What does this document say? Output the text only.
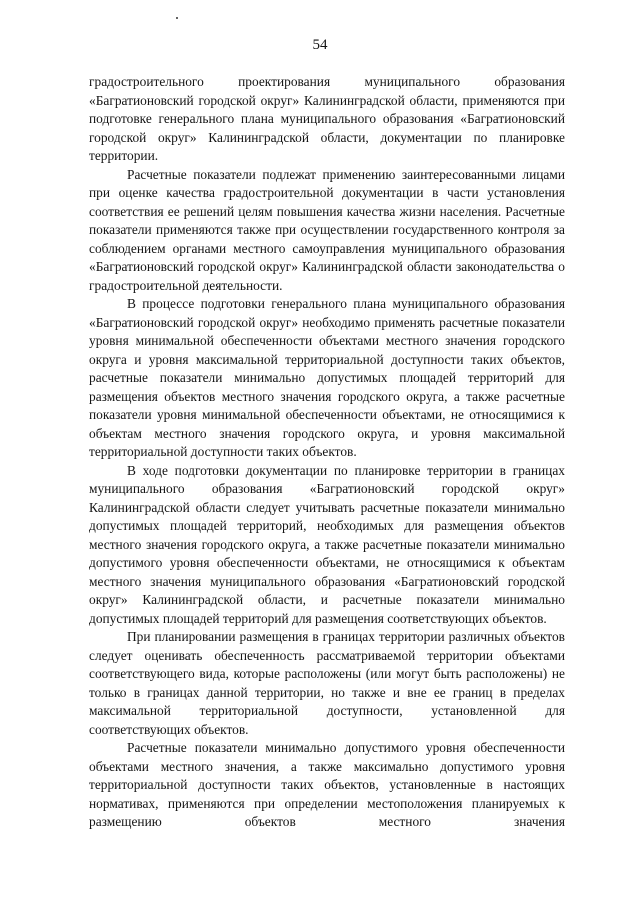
54

градостроительного проектирования муниципального образования «Багратионовский городской округ» Калининградской области, применяются при подготовке генерального плана муниципального образования «Багратионовский городской округ» Калининградской области, документации по планировке территории.

Расчетные показатели подлежат применению заинтересованными лицами при оценке качества градостроительной документации в части установления соответствия ее решений целям повышения качества жизни населения. Расчетные показатели применяются также при осуществлении государственного контроля за соблюдением органами местного самоуправления муниципального образования «Багратионовский городской округ» Калининградской области законодательства о градостроительной деятельности.

В процессе подготовки генерального плана муниципального образования «Багратионовский городской округ» необходимо применять расчетные показатели уровня минимальной обеспеченности объектами местного значения городского округа и уровня максимальной территориальной доступности таких объектов, расчетные показатели минимально допустимых площадей территорий для размещения объектов местного значения городского округа, а также расчетные показатели уровня минимальной обеспеченности объектами, не относящимися к объектам местного значения городского округа, и уровня максимальной территориальной доступности таких объектов.

В ходе подготовки документации по планировке территории в границах муниципального образования «Багратионовский городской округ» Калининградской области следует учитывать расчетные показатели минимально допустимых площадей территорий, необходимых для размещения объектов местного значения городского округа, а также расчетные показатели минимально допустимого уровня обеспеченности объектами, не относящимися к объектам местного значения муниципального образования «Багратионовский городской округ» Калининградской области, и расчетные показатели минимально допустимых площадей территорий для размещения соответствующих объектов.

При планировании размещения в границах территории различных объектов следует оценивать обеспеченность рассматриваемой территории объектами соответствующего вида, которые расположены (или могут быть расположены) не только в границах данной территории, но также и вне ее границ в пределах максимальной территориальной доступности, установленной для соответствующих объектов.

Расчетные показатели минимально допустимого уровня обеспеченности объектами местного значения, а также максимально допустимого уровня территориальной доступности таких объектов, установленные в настоящих нормативах, применяются при определении местоположения планируемых к размещению объектов местного значения
